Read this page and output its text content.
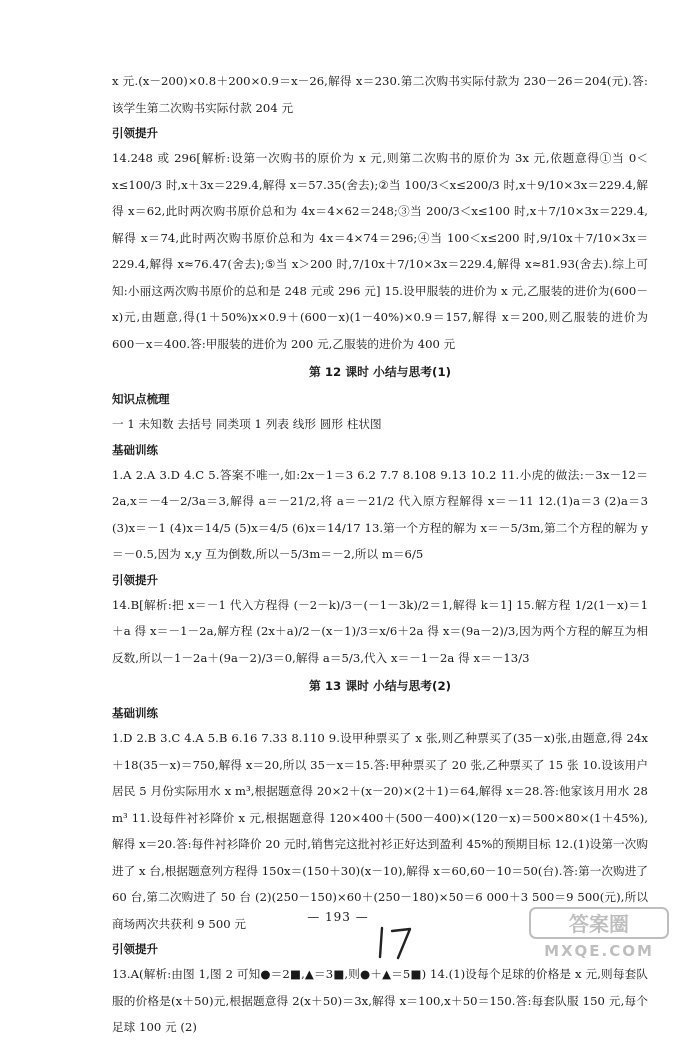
x 元.(x－200)×0.8＋200×0.9＝x－26,解得 x＝230.第二次购书实际付款为 230－26＝204(元).答:该学生第二次购书实际付款 204 元
引领提升
14.248 或 296[解析:设第一次购书的原价为 x 元,则第二次购书的原价为 3x 元,依题意得①当 0＜x≤100/3 时,x＋3x＝229.4,解得 x＝57.35(舍去);②当 100/3＜x≤200/3 时,x＋9/10×3x＝229.4,解得 x＝62,此时两次购书原价总和为 4x＝4×62＝248;③当 200/3＜x≤100 时,x＋7/10×3x＝229.4,解得 x＝74,此时两次购书原价总和为 4x＝4×74＝296;④当 100＜x≤200 时,9/10x＋7/10×3x＝229.4,解得 x≈76.47(舍去);⑤当 x＞200 时,7/10x＋7/10×3x＝229.4,解得 x≈81.93(舍去).综上可知:小丽这两次购书原价的总和是 248 元或 296 元] 15.设甲服装的进价为 x 元,乙服装的进价为(600－x)元,由题意,得(1＋50%)x×0.9＋(600－x)(1－40%)×0.9＝157,解得 x＝200,则乙服装的进价为 600－x＝400.答:甲服装的进价为 200 元,乙服装的进价为 400 元
第 12 课时 小结与思考(1)
知识点梳理
一 1 未知数 去括号 同类项 1 列表 线形 圆形 柱状图
基础训练
1.A 2.A 3.D 4.C 5.答案不唯一,如:2x－1＝3 6.2 7.7 8.108 9.13 10.2 11.小虎的做法:－3x－12＝2a,x＝－4－2/3a＝3,解得 a＝－21/2,将 a＝－21/2 代入原方程解得 x＝－11 12.(1)a＝3 (2)a＝3 (3)x＝－1 (4)x＝14/5 (5)x＝4/5 (6)x＝14/17 13.第一个方程的解为 x＝－5/3m,第二个方程的解为 y＝－0.5,因为 x,y 互为倒数,所以－5/3m＝－2,所以 m＝6/5
引领提升
14.B[解析:把 x＝－1 代入方程得 (－2－k)/3－(－1－3k)/2＝1,解得 k＝1] 15.解方程 1/2(1－x)＝1＋a 得 x＝－1－2a,解方程 (2x＋a)/2－(x－1)/3＝x/6＋2a 得 x＝(9a－2)/3,因为两个方程的解互为相反数,所以－1－2a＋(9a－2)/3＝0,解得 a＝5/3,代入 x＝－1－2a 得 x＝－13/3
第 13 课时 小结与思考(2)
基础训练
1.D 2.B 3.C 4.A 5.B 6.16 7.33 8.110 9.设甲种票买了 x 张,则乙种票买了(35－x)张,由题意,得 24x＋18(35－x)＝750,解得 x＝20,所以 35－x＝15.答:甲种票买了 20 张,乙种票买了 15 张 10.设该用户居民 5 月份实际用水 x m³,根据题意得 20×2＋(x－20)×(2＋1)＝64,解得 x＝28.答:他家该月用水 28 m³ 11.设每件衬衫降价 x 元,根据题意得 120×400＋(500－400)×(120－x)＝500×80×(1＋45%),解得 x＝20.答:每件衬衫降价 20 元时,销售完这批衬衫正好达到盈利 45%的预期目标 12.(1)设第一次购进了 x 台,根据题意列方程得 150x＝(150＋30)(x－10),解得 x＝60,60－10＝50(台).答:第一次购进了 60 台,第二次购进了 50 台 (2)(250－150)×60＋(250－180)×50＝6 000＋3 500＝9 500(元),所以商场两次共获利 9 500 元
引领提升
13.A(解析:由图 1,图 2 可知●＝2■,▲＝3■,则●＋▲＝5■) 14.(1)设每个足球的价格是 x 元,则每套队服的价格是(x＋50)元,根据题意得 2(x＋50)＝3x,解得 x＝100,x＋50＝150.答:每套队服 150 元,每个足球 100 元 (2)
— 193 —	答案圈
MXQE.COM
